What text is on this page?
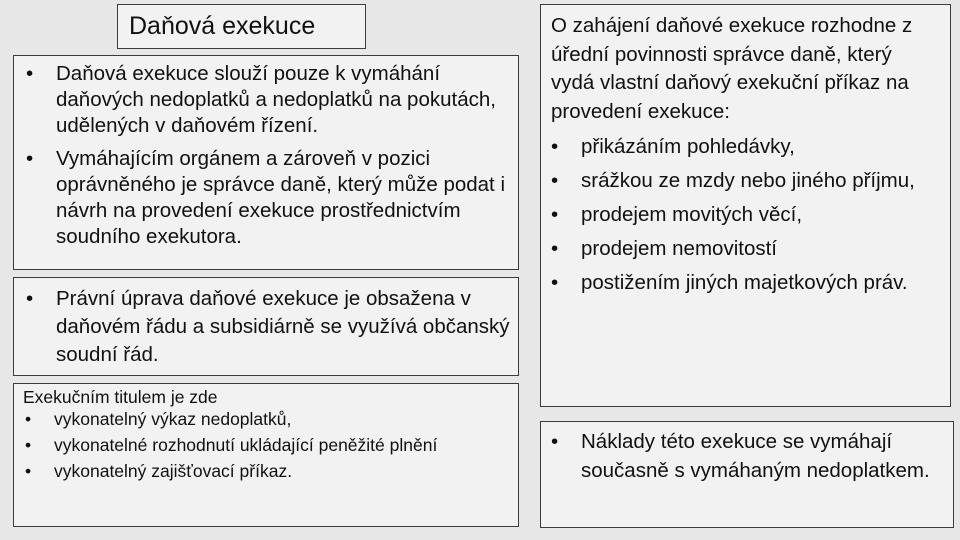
Daňová exekuce
• Daňová exekuce slouží pouze k vymáhání daňových nedoplatků a nedoplatků na pokutách, udělených v daňovém řízení.
• Vymáhajícím orgánem a zároveň v pozici oprávněného je správce daně, který může podat i návrh na provedení exekuce prostřednictvím soudního exekutora.
• Právní úprava daňové exekuce je obsažena v daňovém řádu a subsidiárně se využívá občanský soudní řád.
Exekučním titulem je zde
• vykonatelný výkaz nedoplatků,
• vykonatelné rozhodnutí ukládající peněžité plnění
• vykonatelný zajišťovací příkaz.
O zahájení daňové exekuce rozhodne z úřední povinnosti správce daně, který vydá vlastní daňový exekuční příkaz na provedení exekuce:
• přikázáním pohledávky,
• srážkou ze mzdy nebo jiného příjmu,
• prodejem movitých věcí,
• prodejem nemovitostí
• postižením jiných majetkových práv.
• Náklady této exekuce se vymáhají současně s vymáhaným nedoplatkem.
